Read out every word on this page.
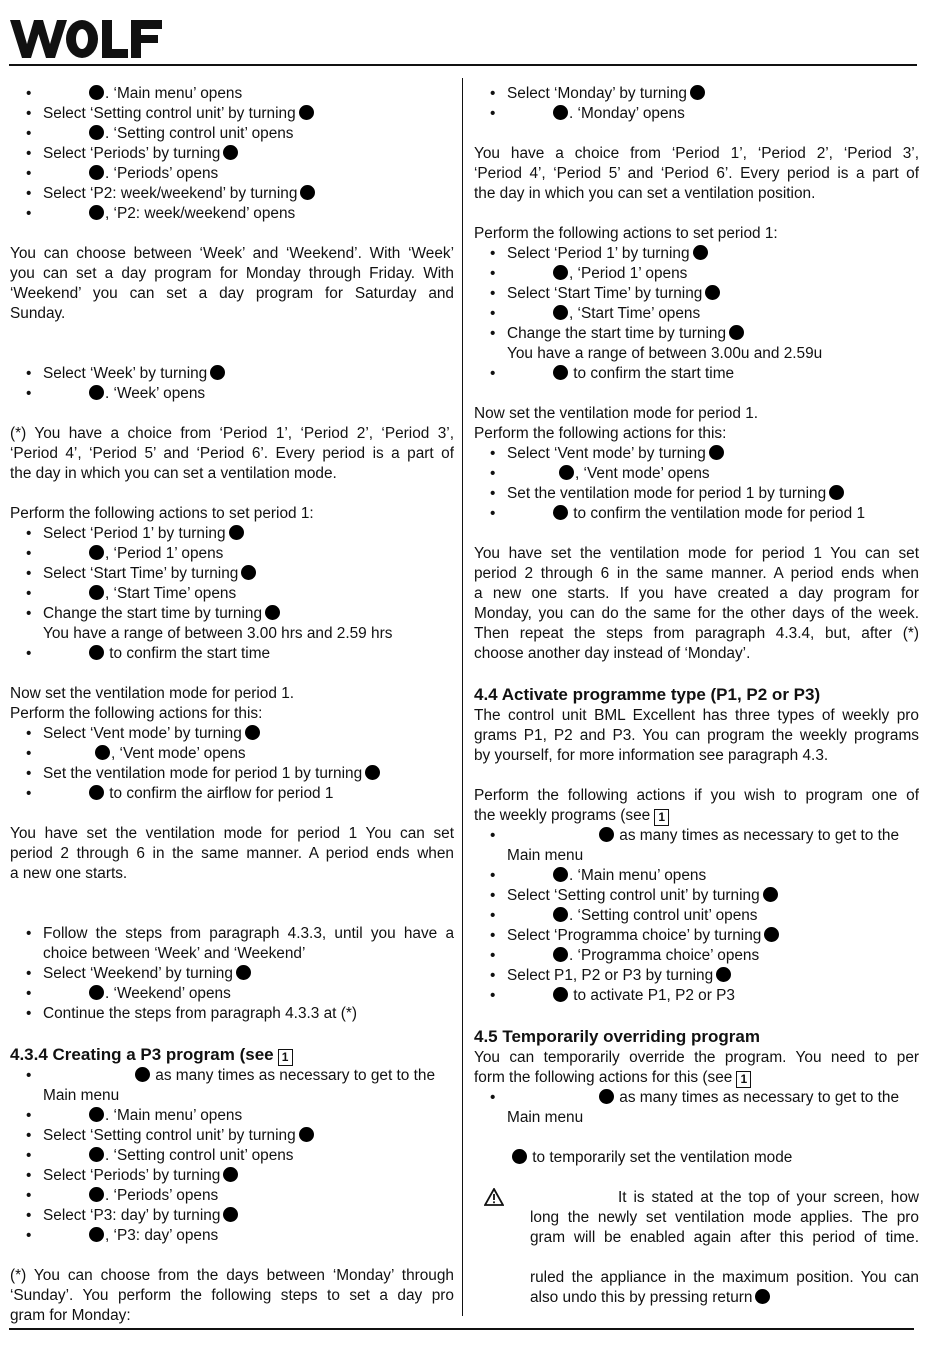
•	. ‘Main menu’ opens
• Select ‘Setting control unit’ by turning
•	. ‘Setting control unit’ opens
• Select ‘Periods’ by turning
•	. ‘Periods’ opens
• Select ‘P2: week/weekend’ by turning
•	, ‘P2: week/weekend’ opens
You can choose between ‘Week’ and ‘Weekend’. With ‘Week’
you can set a day program for Monday through Friday. With
‘Weekend’ you can set a day program for Saturday and
Sunday.
• Select ‘Week’ by turning
•	. ‘Week’ opens
(*) You have a choice from ‘Period 1’, ‘Period 2’, ‘Period 3’,
‘Period 4’, ‘Period 5’ and ‘Period 6’. Every period is a part of
the day in which you can set a ventilation mode.
Perform the following actions to set period 1:
• Select ‘Period 1’ by turning
•	, ‘Period 1’ opens
• Select ‘Start Time’ by turning
•	, ‘Start Time’ opens
• Change the start time by turning
You have a range of between 3.00 hrs and 2.59 hrs
•	to confirm the start time
Now set the ventilation mode for period 1.
Perform the following actions for this:
• Select ‘Vent mode’ by turning
•	, ‘Vent mode’ opens
• Set the ventilation mode for period 1 by turning
•	to confirm the airflow for period 1
You have set the ventilation mode for period 1 You can set
period 2 through 6 in the same manner. A period ends when
a new one starts.
• Follow the steps from paragraph 4.3.3, until you have a
choice between ‘Week’ and ‘Weekend’
• Select ‘Weekend’ by turning
•	. ‘Weekend’ opens
• Continue the steps from paragraph 4.3.3 at (*)
4.3.4 Creating a P3 program (see 1
•	as many times as necessary to get to the
Main menu
•	. ‘Main menu’ opens
• Select ‘Setting control unit’ by turning
•	. ‘Setting control unit’ opens
• Select ‘Periods’ by turning
•	. ‘Periods’ opens
• Select ‘P3: day’ by turning
•	, ‘P3: day’ opens
(*) You can choose from the days between ‘Monday’ through
‘Sunday’. You perform the following steps to set a day pro
gram for Monday:
• Select ‘Monday’ by turning
•	. ‘Monday’ opens
You have a choice from ‘Period 1’, ‘Period 2’, ‘Period 3’,
‘Period 4’, ‘Period 5’ and ‘Period 6’. Every period is a part of
the day in which you can set a ventilation position.
Perform the following actions to set period 1:
• Select ‘Period 1’ by turning
•	, ‘Period 1’ opens
• Select ‘Start Time’ by turning
•	, ‘Start Time’ opens
• Change the start time by turning
You have a range of between 3.00u and 2.59u
•	to confirm the start time
Now set the ventilation mode for period 1.
Perform the following actions for this:
• Select ‘Vent mode’ by turning
•	, ‘Vent mode’ opens
• Set the ventilation mode for period 1 by turning
•	to confirm the ventilation mode for period 1
You have set the ventilation mode for period 1 You can set
period 2 through 6 in the same manner. A period ends when
a new one starts. If you have created a day program for
Monday, you can do the same for the other days of the week.
Then repeat the steps from paragraph 4.3.4, but, after (*)
choose another day instead of ‘Monday’.
4.4 Activate programme type (P1, P2 or P3)
The control unit BML Excellent has three types of weekly pro
grams P1, P2 and P3. You can program the weekly programs
by yourself, for more information see paragraph 4.3.
Perform the following actions if you wish to program one of
the weekly programs (see 1
•	as many times as necessary to get to the
Main menu
•	. ‘Main menu’ opens
• Select ‘Setting control unit’ by turning
•	. ‘Setting control unit’ opens
• Select ‘Programma choice’ by turning
•	. ‘Programma choice’ opens
• Select P1, P2 or P3 by turning
•	to activate P1, P2 or P3
4.5 Temporarily overriding program
You can temporarily override the program. You need to per
form the following actions for this (see 1
•	as many times as necessary to get to the
Main menu
to temporarily set the ventilation mode
It is stated at the top of your screen, how
long the newly set ventilation mode applies. The pro
gram will be enabled again after this period of time.
ruled the appliance in the maximum position. You can
also undo this by pressing return
